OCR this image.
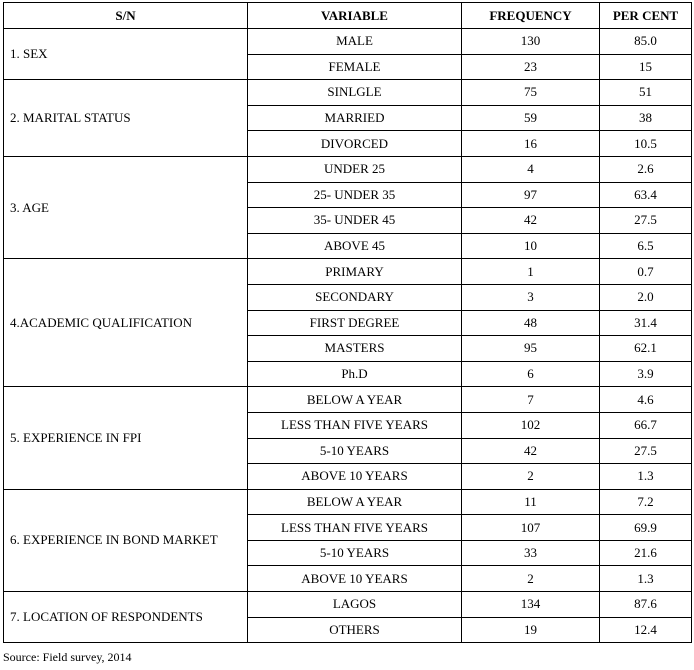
S/N	VARIABLE	FREQUENCY	PER CENT
1. SEX	MALE	130	85.0
	FEMALE	23	15
2. MARITAL STATUS	SINLGLE	75	51
	MARRIED	59	38
	DIVORCED	16	10.5
3. AGE	UNDER 25	4	2.6
	25- UNDER 35	97	63.4
	35- UNDER 45	42	27.5
	ABOVE 45	10	6.5
4.ACADEMIC QUALIFICATION	PRIMARY	1	0.7
	SECONDARY	3	2.0
	FIRST DEGREE	48	31.4
	MASTERS	95	62.1
	Ph.D	6	3.9
5. EXPERIENCE IN FPI	BELOW A YEAR	7	4.6
	LESS THAN FIVE YEARS	102	66.7
	5-10 YEARS	42	27.5
	ABOVE 10 YEARS	2	1.3
6. EXPERIENCE IN BOND MARKET	BELOW A YEAR	11	7.2
	LESS THAN FIVE YEARS	107	69.9
	5-10 YEARS	33	21.6
	ABOVE 10 YEARS	2	1.3
7. LOCATION OF RESPONDENTS	LAGOS	134	87.6
	OTHERS	19	12.4
Source: Field survey, 2014
